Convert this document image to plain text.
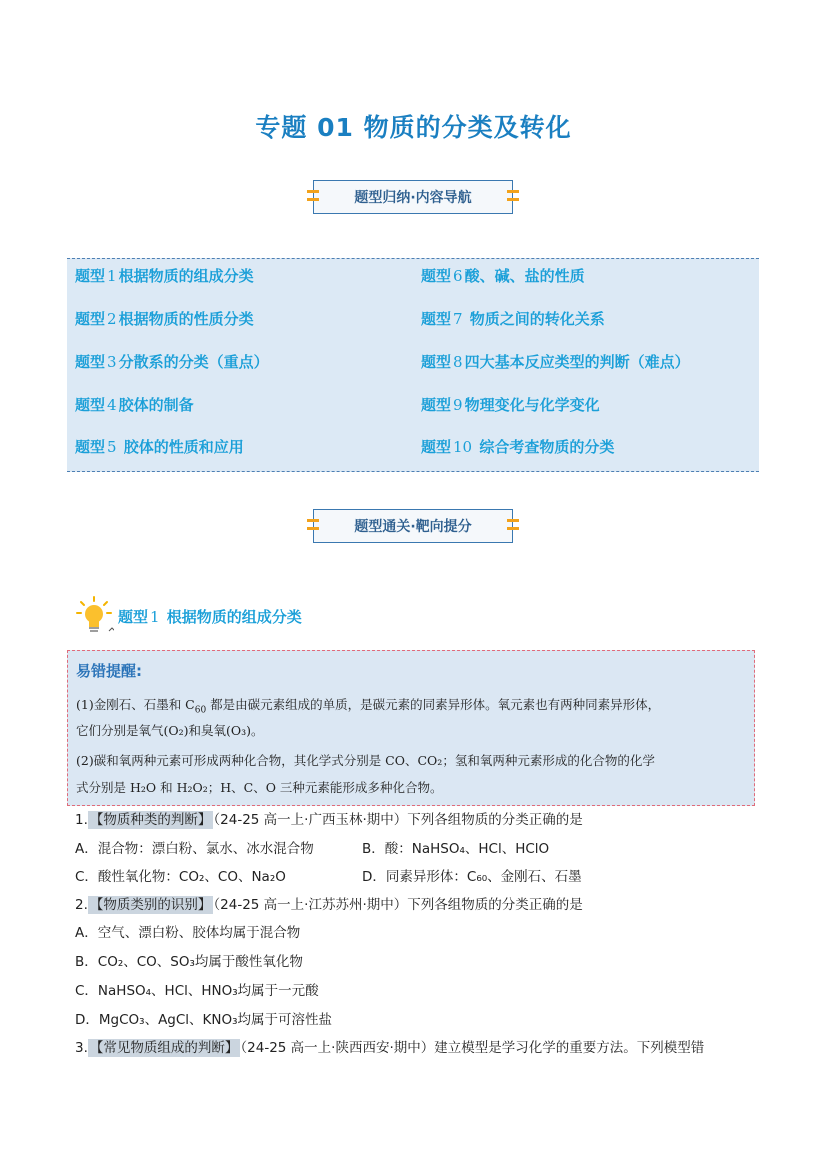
专题 01 物质的分类及转化
题型归纳·内容导航
题型 1 根据物质的组成分类
题型 2 根据物质的性质分类
题型 3 分散系的分类（重点）
题型 4 胶体的制备
题型 5 胶体的性质和应用
题型 6 酸、碱、盐的性质
题型 7 物质之间的转化关系
题型 8 四大基本反应类型的判断（难点）
题型 9 物理变化与化学变化
题型 10 综合考查物质的分类
题型通关·靶向提分
题型 1 根据物质的组成分类
易错提醒:
(1)金刚石、石墨和 $C_{60}$ 都是由碳元素组成的单质，是碳元素的同素异形体。氧元素也有两种同素异形体，
它们分别是氧气(O₂)和臭氧(O₃)。
(2)碳和氧两种元素可形成两种化合物，其化学式分别是 CO、CO₂；氢和氧两种元素形成的化合物的化学
式分别是 H₂O 和 H₂O₂；H、C、O 三种元素能形成多种化合物。
1. 【物质种类的判断】 （24-25 高一上·广西玉林·期中）下列各组物质的分类正确的是
A．混合物：漂白粉、氯水、冰水混合物	B．酸：NaHSO₄、HCl、HClO
C．酸性氧化物：CO₂、CO、Na₂O	D．同素异形体：C₆₀、金刚石、石墨
2. 【物质类别的识别】 （24-25 高一上·江苏苏州·期中）下列各组物质的分类正确的是
A．空气、漂白粉、胶体均属于混合物
B．CO₂、CO、SO₃均属于酸性氧化物
C．NaHSO₄、HCl、HNO₃均属于一元酸
D．MgCO₃、AgCl、KNO₃均属于可溶性盐
3. 【常见物质组成的判断】 （24-25 高一上·陕西西安·期中）建立模型是学习化学的重要方法。下列模型错
